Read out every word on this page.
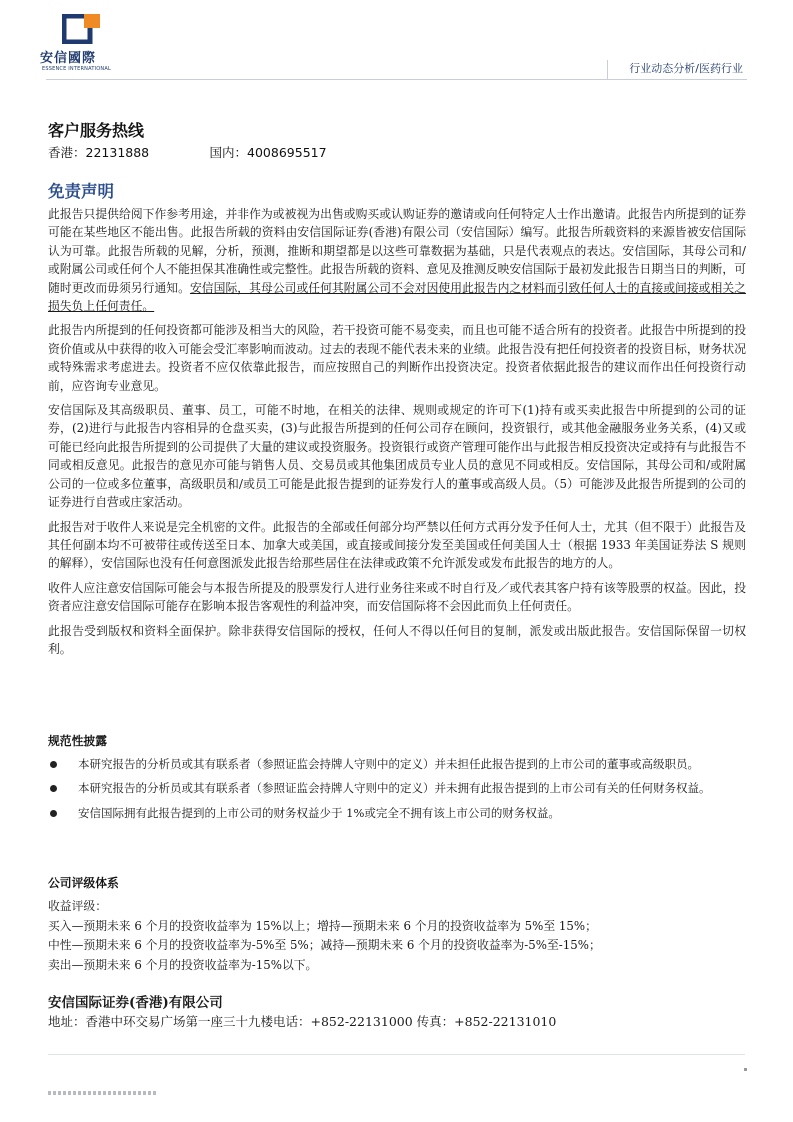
安信國際
ESSENCE INTERNATIONAL	行业动态分析/医药行业
客户服务热线
香港：22131888	国内：4008695517
免责声明

此报告只提供给阅下作参考用途，并非作为或被视为出售或购买或认购证券的邀请或向任何特定人士作出邀请。此报告内所提到的证券可能在某些地区不能出售。此报告所载的资料由安信国际证券(香港)有限公司（安信国际）编写。此报告所载资料的来源皆被安信国际认为可靠。此报告所载的见解，分析，预测，推断和期望都是以这些可靠数据为基础，只是代表观点的表达。安信国际，其母公司和/或附属公司或任何个人不能担保其准确性或完整性。此报告所载的资料、意见及推测反映安信国际于最初发此报告日期当日的判断，可随时更改而毋须另行通知。安信国际，其母公司或任何其附属公司不会对因使用此报告内之材料而引致任何人士的直接或间接或相关之损失负上任何责任。

此报告内所提到的任何投资都可能涉及相当大的风险，若干投资可能不易变卖，而且也可能不适合所有的投资者。此报告中所提到的投资价值或从中获得的收入可能会受汇率影响而波动。过去的表现不能代表未来的业绩。此报告没有把任何投资者的投资目标，财务状况或特殊需求考虑进去。投资者不应仅依靠此报告，而应按照自己的判断作出投资决定。投资者依据此报告的建议而作出任何投资行动前，应咨询专业意见。

安信国际及其高级职员、董事、员工，可能不时地，在相关的法律、规则或规定的许可下(1)持有或买卖此报告中所提到的公司的证券，(2)进行与此报告内容相异的仓盘买卖，(3)与此报告所提到的任何公司存在顾问，投资银行，或其他金融服务业务关系，(4)又或可能已经向此报告所提到的公司提供了大量的建议或投资服务。投资银行或资产管理可能作出与此报告相反投资决定或持有与此报告不同或相反意见。此报告的意见亦可能与销售人员、交易员或其他集团成员专业人员的意见不同或相反。安信国际，其母公司和/或附属公司的一位或多位董事，高级职员和/或员工可能是此报告提到的证券发行人的董事或高级人员。（5）可能涉及此报告所提到的公司的证券进行自营或庄家活动。

此报告对于收件人来说是完全机密的文件。此报告的全部或任何部分均严禁以任何方式再分发予任何人士，尤其（但不限于）此报告及其任何副本均不可被带往或传送至日本、加拿大或美国，或直接或间接分发至美国或任何美国人士（根据 1933 年美国证券法 S 规则的解释），安信国际也没有任何意图派发此报告给那些居住在法律或政策不允许派发或发布此报告的地方的人。

收件人应注意安信国际可能会与本报告所提及的股票发行人进行业务往来或不时自行及／或代表其客户持有该等股票的权益。因此，投资者应注意安信国际可能存在影响本报告客观性的利益冲突，而安信国际将不会因此而负上任何责任。

此报告受到版权和资料全面保护。除非获得安信国际的授权，任何人不得以任何目的复制，派发或出版此报告。安信国际保留一切权利。

规范性披露
本研究报告的分析员或其有联系者（参照证监会持牌人守则中的定义）并未担任此报告提到的上市公司的董事或高级职员。
本研究报告的分析员或其有联系者（参照证监会持牌人守则中的定义）并未拥有此报告提到的上市公司有关的任何财务权益。
安信国际拥有此报告提到的上市公司的财务权益少于 1%或完全不拥有该上市公司的财务权益。
公司评级体系
收益评级：
买入—预期未来 6 个月的投资收益率为 15%以上；增持—预期未来 6 个月的投资收益率为 5%至 15%；
中性—预期未来 6 个月的投资收益率为-5%至 5%；减持—预期未来 6 个月的投资收益率为-5%至-15%；
卖出—预期未来 6 个月的投资收益率为-15%以下。
安信国际证券(香港)有限公司
地址：香港中环交易广场第一座三十九楼电话：+852-22131000 传真：+852-22131010
